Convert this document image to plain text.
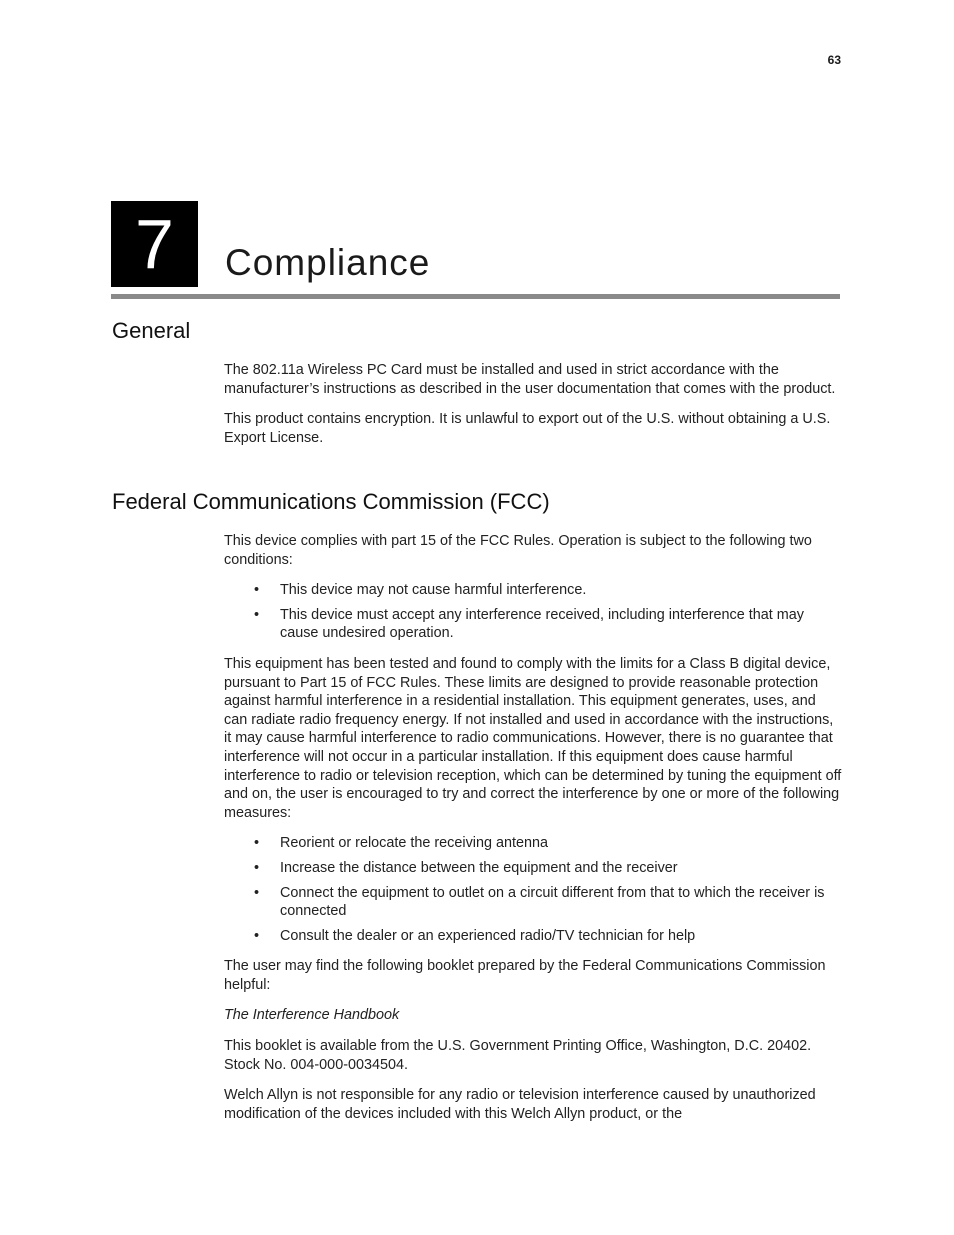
63
7	Compliance
General

The 802.11a Wireless PC Card must be installed and used in strict accordance with the manufacturer’s instructions as described in the user documentation that comes with the product.

This product contains encryption. It is unlawful to export out of the U.S. without obtaining a U.S. Export License.

Federal Communications Commission (FCC)

This device complies with part 15 of the FCC Rules. Operation is subject to the following two conditions:

• This device may not cause harmful interference.
• This device must accept any interference received, including interference that may cause undesired operation.

This equipment has been tested and found to comply with the limits for a Class B digital device, pursuant to Part 15 of FCC Rules. These limits are designed to provide reasonable protection against harmful interference in a residential installation. This equipment generates, uses, and can radiate radio frequency energy. If not installed and used in accordance with the instructions, it may cause harmful interference to radio communications. However, there is no guarantee that interference will not occur in a particular installation. If this equipment does cause harmful interference to radio or television reception, which can be determined by tuning the equipment off and on, the user is encouraged to try and correct the interference by one or more of the following measures:

• Reorient or relocate the receiving antenna
• Increase the distance between the equipment and the receiver
• Connect the equipment to outlet on a circuit different from that to which the receiver is connected
• Consult the dealer or an experienced radio/TV technician for help

The user may find the following booklet prepared by the Federal Communications Commission helpful:

The Interference Handbook

This booklet is available from the U.S. Government Printing Office, Washington, D.C. 20402. Stock No. 004-000-0034504.

Welch Allyn is not responsible for any radio or television interference caused by unauthorized modification of the devices included with this Welch Allyn product, or the
